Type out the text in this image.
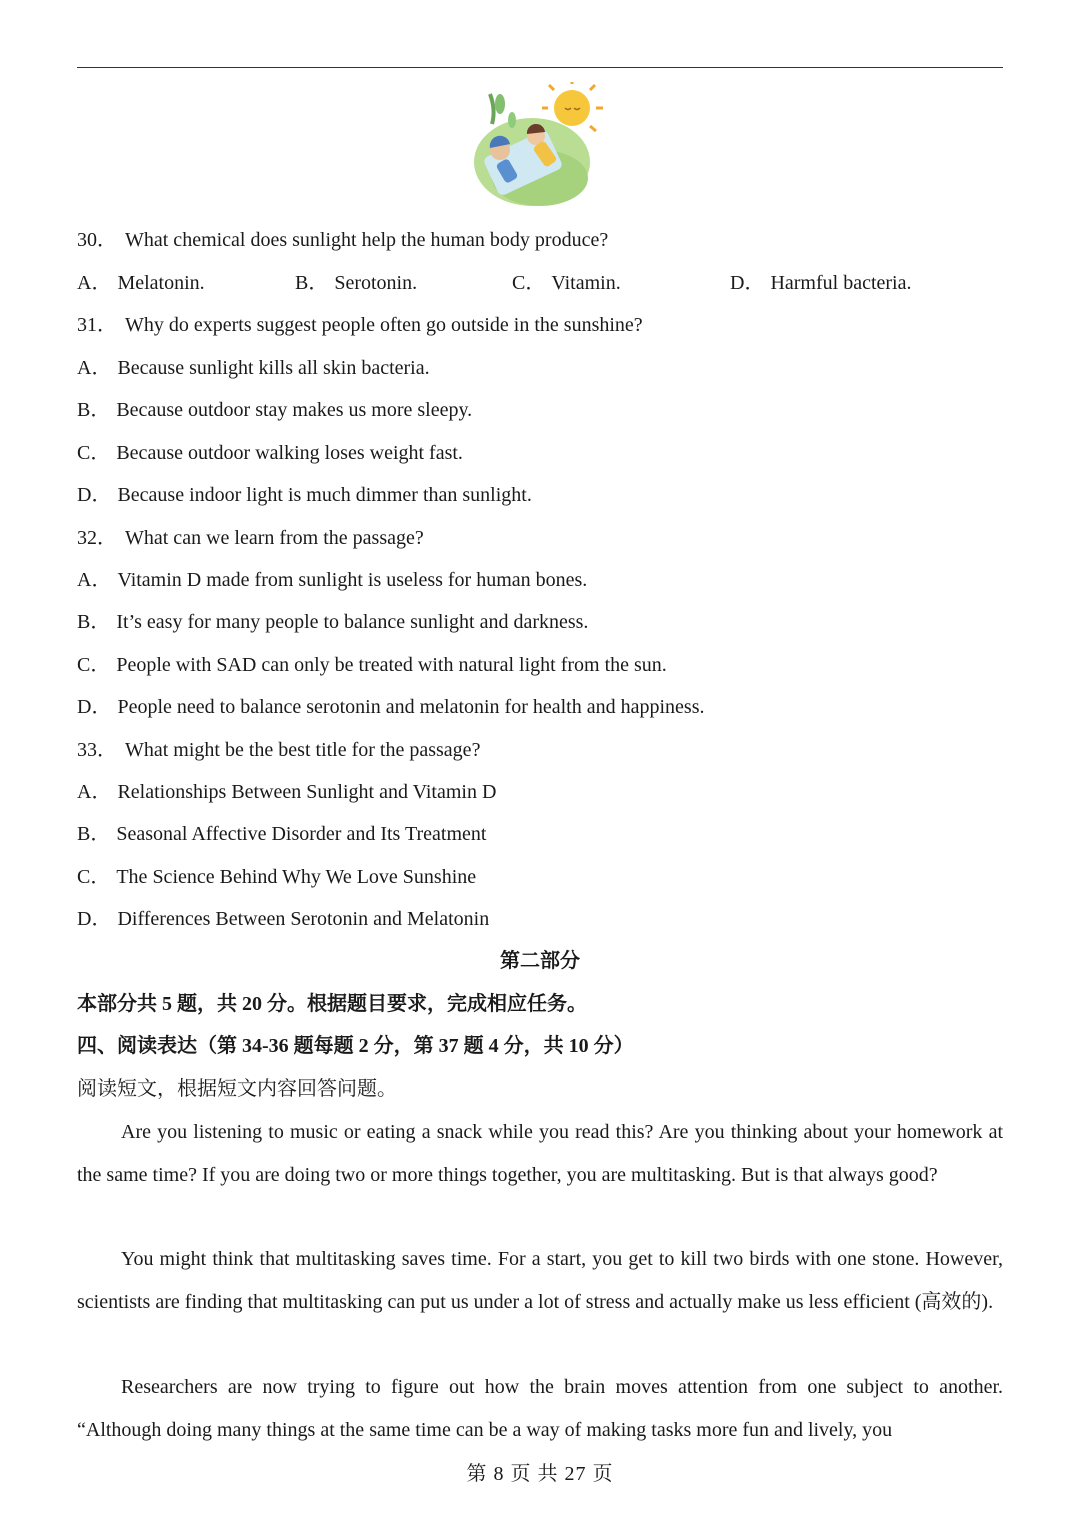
30． What chemical does sunlight help the human body produce?
A． Melatonin.	B． Serotonin.	C． Vitamin.	D． Harmful bacteria.
31． Why do experts suggest people often go outside in the sunshine?
A． Because sunlight kills all skin bacteria.
B． Because outdoor stay makes us more sleepy.
C． Because outdoor walking loses weight fast.
D． Because indoor light is much dimmer than sunlight.
32． What can we learn from the passage?
A． Vitamin D made from sunlight is useless for human bones.
B． It’s easy for many people to balance sunlight and darkness.
C． People with SAD can only be treated with natural light from the sun.
D． People need to balance serotonin and melatonin for health and happiness.
33． What might be the best title for the passage?
A． Relationships Between Sunlight and Vitamin D
B． Seasonal Affective Disorder and Its Treatment
C． The Science Behind Why We Love Sunshine
D． Differences Between Serotonin and Melatonin
第二部分
本部分共 5 题，共 20 分。根据题目要求，完成相应任务。
四、阅读表达（第 34-36 题每题 2 分，第 37 题 4 分，共 10 分）
阅读短文，根据短文内容回答问题。
Are you listening to music or eating a snack while you read this? Are you thinking about your homework at the same time? If you are doing two or more things together, you are multitasking. But is that always good?
You might think that multitasking saves time. For a start, you get to kill two birds with one stone. However, scientists are finding that multitasking can put us under a lot of stress and actually make us less efficient (高效的).
Researchers are now trying to figure out how the brain moves attention from one subject to another. “Although doing many things at the same time can be a way of making tasks more fun and lively, you
第 8 页 共 27 页
